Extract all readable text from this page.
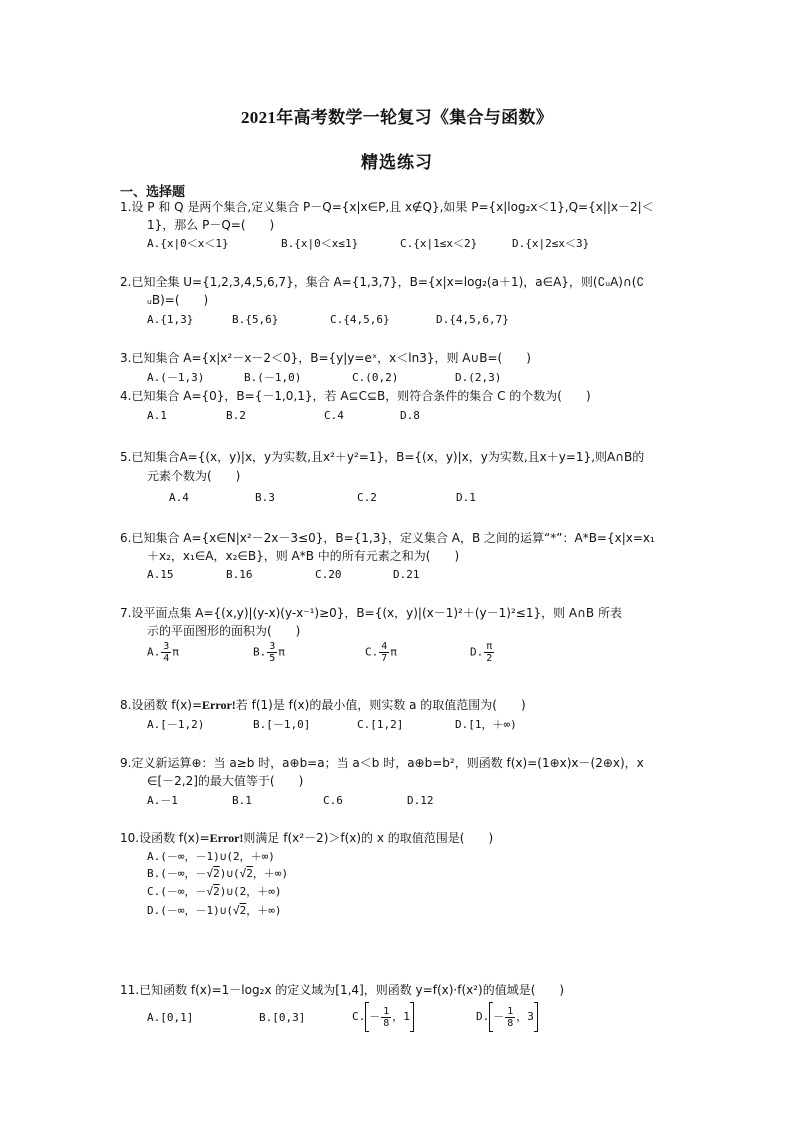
2021年高考数学一轮复习《集合与函数》
精选练习
一、选择题
1.设 P 和 Q 是两个集合,定义集合 P－Q={x|x∈P,且 x∉Q},如果 P={x|log₂x＜1},Q={x||x－2|＜
1}，那么 P－Q=(　　)
A.{x|0＜x＜1}	B.{x|0＜x≤1}	C.{x|1≤x＜2}	D.{x|2≤x＜3}
2.已知全集 U={1,2,3,4,5,6,7}，集合 A={1,3,7}，B={x|x=log₂(a＋1)，a∈A}，则(∁ᵤA)∩(∁
ᵤB)=(　　)
A.{1,3}	B.{5,6}	C.{4,5,6}	D.{4,5,6,7}
3.已知集合 A={x|x²－x－2＜0}，B={y|y=eˣ，x＜ln3}，则 A∪B=(　　)
A.(－1,3)	B.(－1,0)	C.(0,2)	D.(2,3)
4.已知集合 A={0}，B={－1,0,1}，若 A⊆C⊆B，则符合条件的集合 C 的个数为(　　)
A.1	B.2	C.4	D.8
5.已知集合A={(x，y)|x，y为实数,且x²＋y²=1}，B={(x，y)|x，y为实数,且x＋y=1},则A∩B的
元素个数为(　　)
A.4	B.3	C.2	D.1
6.已知集合 A={x∈N|x²－2x－3≤0}，B={1,3}，定义集合 A，B 之间的运算“*”：A*B={x|x=x₁
＋x₂，x₁∈A，x₂∈B}，则 A*B 中的所有元素之和为(　　)
A.15	B.16	C.20	D.21
7.设平面点集 A={(x,y)|(y-x)(y-x⁻¹)≥0}，B={(x，y)|(x－1)²＋(y－1)²≤1}，则 A∩B 所表
示的平面图形的面积为(　　)
A. $\frac{3}{4}$ π	B. $\frac{3}{5}$ π	C. $\frac{4}{7}$ π	D. $\frac{\pi}{2}$
8.设函数 f(x)=Error!若 f(1)是 f(x)的最小值，则实数 a 的取值范围为(　　)
A.[－1,2)	B.[－1,0]	C.[1,2]	D.[1，＋∞)
9.定义新运算⊕：当 a≥b 时，a⊕b=a；当 a＜b 时，a⊕b=b²，则函数 f(x)=(1⊕x)x－(2⊕x)，x
∈[－2,2]的最大值等于(　　)
A.－1	B.1	C.6	D.12
10.设函数 f(x)=Error!则满足 f(x²－2)＞f(x)的 x 的取值范围是(　　)
A.(－∞，－1)∪(2，＋∞)
B.(－∞，－√2)∪(√2，＋∞)
C.(－∞，－√2)∪(2，＋∞)
D.(－∞，－1)∪(√2，＋∞)
11.已知函数 f(x)=1－log₂x 的定义域为[1,4]，则函数 y=f(x)·f(x²)的值域是(　　)
A.[0,1]	B.[0,3]	C. － $\frac{1}{8}$ ，1	D. － $\frac{1}{8}$ ，3
